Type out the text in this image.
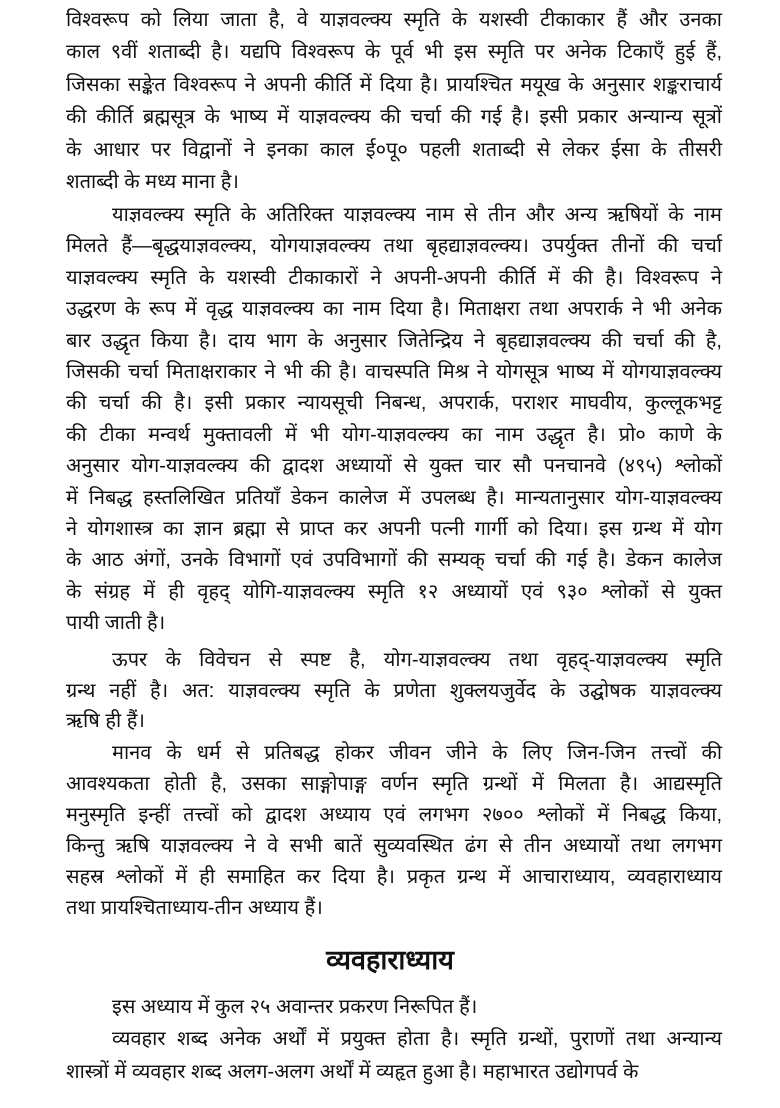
व्यवहाराध्याय
विश्वरूप को लिया जाता है, वे याज्ञवल्क्य स्मृति के यशस्वी टीकाकार हैं और उनका
काल ९वीं शताब्दी है। यद्यपि विश्वरूप के पूर्व भी इस स्मृति पर अनेक टिकाएँ हुई हैं,
जिसका सङ्केत विश्वरूप ने अपनी कीर्ति में दिया है। प्रायश्चित मयूख के अनुसार शङ्कराचार्य
की कीर्ति ब्रह्मसूत्र के भाष्य में याज्ञवल्क्य की चर्चा की गई है। इसी प्रकार अन्यान्य सूत्रों
के आधार पर विद्वानों ने इनका काल ई०पू० पहली शताब्दी से लेकर ईसा के तीसरी
शताब्दी के मध्य माना है।
याज्ञवल्क्य स्मृति के अतिरिक्त याज्ञवल्क्य नाम से तीन और अन्य ऋषियों के नाम
मिलते हैं—बृद्धयाज्ञवल्क्य, योगयाज्ञवल्क्य तथा बृहद्याज्ञवल्क्य। उपर्युक्त तीनों की चर्चा
याज्ञवल्क्य स्मृति के यशस्वी टीकाकारों ने अपनी-अपनी कीर्ति में की है। विश्वरूप ने
उद्धरण के रूप में वृद्ध याज्ञवल्क्य का नाम दिया है। मिताक्षरा तथा अपरार्क ने भी अनेक
बार उद्धृत किया है। दाय भाग के अनुसार जितेन्द्रिय ने बृहद्याज्ञवल्क्य की चर्चा की है,
जिसकी चर्चा मिताक्षराकार ने भी की है। वाचस्पति मिश्र ने योगसूत्र भाष्य में योगयाज्ञवल्क्य
की चर्चा की है। इसी प्रकार न्यायसूची निबन्ध, अपरार्क, पराशर माघवीय, कुल्लूकभट्ट
की टीका मन्वर्थ मुक्तावली में भी योग-याज्ञवल्क्य का नाम उद्धृत है। प्रो० काणे के
अनुसार योग-याज्ञवल्क्य की द्वादश अध्यायों से युक्त चार सौ पनचानवे (४९५) श्लोकों
में निबद्ध हस्तलिखित प्रतियाँ डेकन कालेज में उपलब्ध है। मान्यतानुसार योग-याज्ञवल्क्य
ने योगशास्त्र का ज्ञान ब्रह्मा से प्राप्त कर अपनी पत्नी गार्गी को दिया। इस ग्रन्थ में योग
के आठ अंगों, उनके विभागों एवं उपविभागों की सम्यक् चर्चा की गई है। डेकन कालेज
के संग्रह में ही वृहद् योगि-याज्ञवल्क्य स्मृति १२ अध्यायों एवं ९३० श्लोकों से युक्त
पायी जाती है।
ऊपर के विवेचन से स्पष्ट है, योग-याज्ञवल्क्य तथा वृहद्-याज्ञवल्क्य स्मृति
ग्रन्थ नहीं है। अत: याज्ञवल्क्य स्मृति के प्रणेता शुक्लयजुर्वेद के उद्घोषक याज्ञवल्क्य
ऋषि ही हैं।
मानव के धर्म से प्रतिबद्ध होकर जीवन जीने के लिए जिन-जिन तत्त्वों की
आवश्यकता होती है, उसका साङ्गोपाङ्ग वर्णन स्मृति ग्रन्थों में मिलता है। आद्यस्मृति
मनुस्मृति इन्हीं तत्त्वों को द्वादश अध्याय एवं लगभग २७०० श्लोकों में निबद्ध किया,
किन्तु ऋषि याज्ञवल्क्य ने वे सभी बातें सुव्यवस्थित ढंग से तीन अध्यायों तथा लगभग
सहस्र श्लोकों में ही समाहित कर दिया है। प्रकृत ग्रन्थ में आचाराध्याय, व्यवहाराध्याय
तथा प्रायश्चिताध्याय-तीन अध्याय हैं।
इस अध्याय में कुल २५ अवान्तर प्रकरण निरूपित हैं।
व्यवहार शब्द अनेक अर्थों में प्रयुक्त होता है। स्मृति ग्रन्थों, पुराणों तथा अन्यान्य
शास्त्रों में व्यवहार शब्द अलग-अलग अर्थों में व्यहृत हुआ है। महाभारत उद्योगपर्व के
